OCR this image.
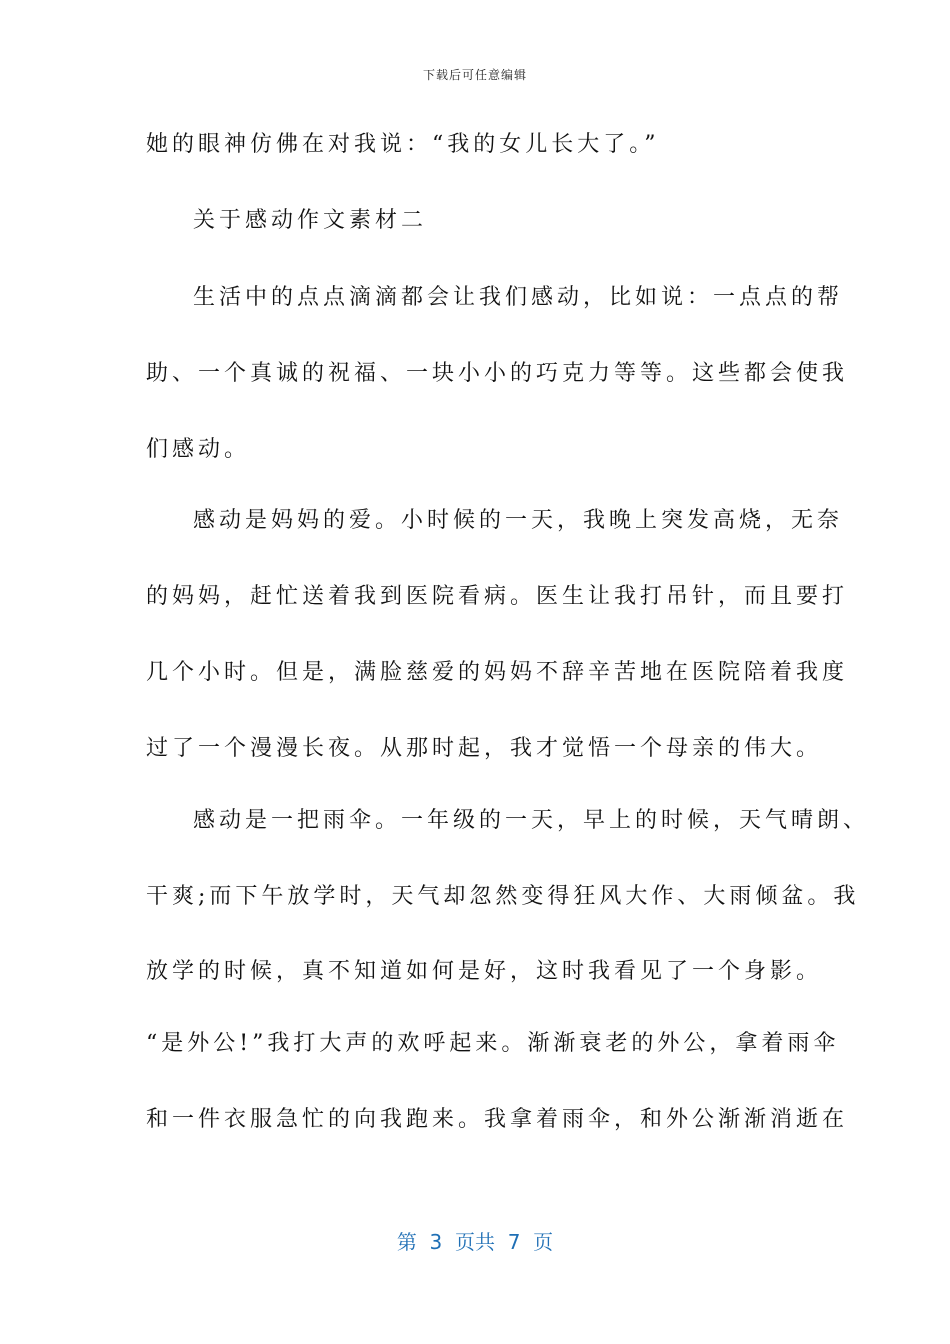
下载后可任意编辑
她的眼神仿佛在对我说：“我的女儿长大了。”
关于感动作文素材二
生活中的点点滴滴都会让我们感动，比如说：一点点的帮
助、一个真诚的祝福、一块小小的巧克力等等。这些都会使我
们感动。
感动是妈妈的爱。小时候的一天，我晚上突发高烧，无奈
的妈妈，赶忙送着我到医院看病。医生让我打吊针，而且要打
几个小时。但是，满脸慈爱的妈妈不辞辛苦地在医院陪着我度
过了一个漫漫长夜。从那时起，我才觉悟一个母亲的伟大。
感动是一把雨伞。一年级的一天，早上的时候，天气晴朗、
干爽;而下午放学时，天气却忽然变得狂风大作、大雨倾盆。我
放学的时候，真不知道如何是好，这时我看见了一个身影。
“是外公!”我打大声的欢呼起来。渐渐衰老的外公，拿着雨伞
和一件衣服急忙的向我跑来。我拿着雨伞，和外公渐渐消逝在
第  3  页共  7  页
